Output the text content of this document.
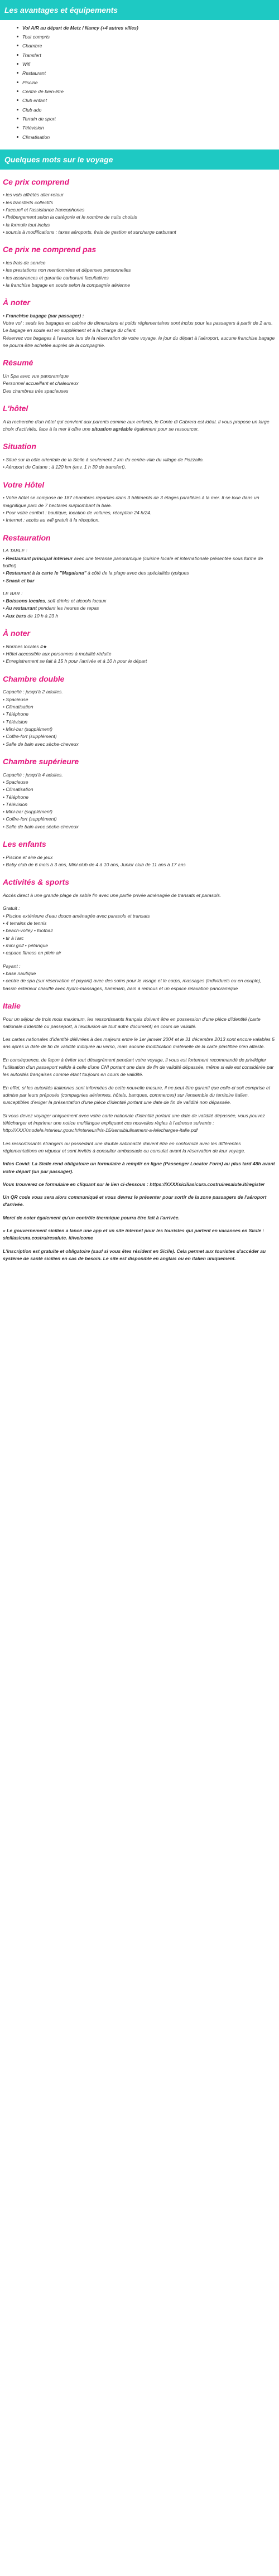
Les avantages et équipements
Vol A/R au départ de Metz / Nancy (+4 autres villes)
Tout compris
Chambre
Transfert
Wifi
Restaurant
Piscine
Centre de bien-être
Club enfant
Club ado
Terrain de sport
Télévision
Climatisation
Quelques mots sur le voyage
Ce prix comprend
• les vols affrétés aller-retour
• les transferts collectifs
• l'accueil et l'assistance francophones
• l'hébergement selon la catégorie et le nombre de nuits choisis
• la formule tout inclus
• soumis à modifications : taxes aéroports, frais de gestion et surcharge carburant
Ce prix ne comprend pas
• les frais de service
• les prestations non mentionnées et dépenses personnelles
• les assurances et garantie carburant facultatives
• la franchise bagage en soute selon la compagnie aérienne
À noter
• Franchise bagage (par passager) :
Votre vol : seuls les bagages en cabine de dimensions et poids réglementaires sont inclus pour les passagers à partir de 2 ans.
Le bagage en soute est en supplément et à la charge du client.
Réservez vos bagages à l'avance lors de la réservation de votre voyage, le jour du départ à l'aéroport, aucune franchise bagage ne pourra être achetée auprès de la compagnie.
Résumé
Un Spa avec vue panoramique
Personnel accueillant et chaleureux
Des chambres très spacieuses
L'hôtel

A la recherche d'un hôtel qui convient aux parents comme aux enfants, le Conte di Cabrera est idéal. Il vous propose un large choix d'activités, face à la mer il offre une situation agréable également pour se ressourcer.

Situation
• Situé sur la côte orientale de la Sicile à seulement 2 km du centre-ville du village de Pozzallo.
• Aéroport de Catane : à 120 km (env. 1 h 30 de transfert).
Votre Hôtel
• Votre hôtel se compose de 187 chambres réparties dans 3 bâtiments de 3 étages parallèles à la mer. Il se loue dans un magnifique parc de 7 hectares surplombant la baie.
• Pour votre confort : boutique, location de voitures, réception 24 h/24.
• Internet : accès au wifi gratuit à la réception.
Restauration
LA TABLE :
• Restaurant principal intérieur avec une terrasse panoramique (cuisine locale et internationale présentée sous forme de buffet)
• Restaurant à la carte le "Magaluna" à côté de la plage avec des spécialités typiques
• Snack et bar
LE BAR :
• Boissons locales, soft drinks et alcools locaux
• Au restaurant pendant les heures de repas
• Aux bars de 10 h à 23 h
À noter
• Normes locales 4★
• Hôtel accessible aux personnes à mobilité réduite
• Enregistrement se fait à 15 h pour l'arrivée et à 10 h pour le départ
Chambre double
Capacité : jusqu'à 2 adultes.
• Spacieuse
• Climatisation
• Téléphone
• Télévision
• Mini-bar (supplément)
• Coffre-fort (supplément)
• Salle de bain avec sèche-cheveux
Chambre supérieure
Capacité : jusqu'à 4 adultes.
• Spacieuse
• Climatisation
• Téléphone
• Télévision
• Mini-bar (supplément)
• Coffre-fort (supplément)
• Salle de bain avec sèche-cheveux
Les enfants
• Piscine et aire de jeux
• Baby club de 6 mois à 3 ans, Mini club de 4 à 10 ans, Junior club de 11 ans à 17 ans
Activités & sports

Accès direct à une grande plage de sable fin avec une partie privée aménagée de transats et parasols.

Gratuit :
• Piscine extérieure d'eau douce aménagée avec parasols et transats
• 4 terrains de tennis
• beach-volley • football
• tir à l'arc
• mini golf • pétanque
• espace fitness en plein air
Payant :
• base nautique
• centre de spa (sur réservation et payant) avec des soins pour le visage et le corps, massages (individuels ou en couple), bassin extérieur chauffé avec hydro-massages, hammam, bain à remous et un espace relaxation panoramique
Italie

Pour un séjour de trois mois maximum, les ressortissants français doivent être en possession d'une pièce d'identité (carte nationale d'identité ou passeport, à l'exclusion de tout autre document) en cours de validité.

Les cartes nationales d'identité délivrées à des majeurs entre le 1er janvier 2004 et le 31 décembre 2013 sont encore valables 5 ans après la date de fin de validité indiquée au verso, mais aucune modification matérielle de la carte plastifiée n'en atteste.

En conséquence, de façon à éviter tout désagrément pendant votre voyage, il vous est fortement recommandé de privilégier l'utilisation d'un passeport valide à celle d'une CNI portant une date de fin de validité dépassée, même si elle est considérée par les autorités françaises comme étant toujours en cours de validité.

En effet, si les autorités italiennes sont informées de cette nouvelle mesure, il ne peut être garanti que celle-ci soit comprise et admise par leurs préposés (compagnies aériennes, hôtels, banques, commerces) sur l'ensemble du territoire italien, susceptibles d'exiger la présentation d'une pièce d'identité portant une date de fin de validité non dépassée.

Si vous devez voyager uniquement avec votre carte nationale d'identité portant une date de validité dépassée, vous pouvez télécharger et imprimer une notice multilingue expliquant ces nouvelles règles à l'adresse suivante : http://XXXXmodele.interieur.gouv.fr/interieur/Iris-15/sensibiulisament-a-lelechargee-italie.pdf

Les ressortissants étrangers ou possédant une double nationalité doivent être en conformité avec les différentes réglementations en vigueur et sont invités à consulter ambassade ou consulat avant la réservation de leur voyage.

Infos Covid: La Sicile rend obligatoire un formulaire à remplir en ligne (Passenger Locator Form) au plus tard 48h avant votre départ (un par passager).

Vous trouverez ce formulaire en cliquant sur le lien ci-dessous : https://XXXXsiciliasicura.costruiresalute.it/register

Un QR code vous sera alors communiqué et vous devrez le présenter pour sortir de la zone passagers de l'aéroport d'arrivée.

Merci de noter également qu'un contrôle thermique pourra être fait à l'arrivée.

« Le gouvernement sicilien a lancé une app et un site internet pour les touristes qui partent en vacances en Sicile : siciliasicura.costruiresalute. it/welcome

L'inscription est gratuite et obligatoire (sauf si vous êtes résident en Sicile). Cela permet aux touristes d'accéder au système de santé sicilien en cas de besoin. Le site est disponible en anglais ou en italien uniquement.
